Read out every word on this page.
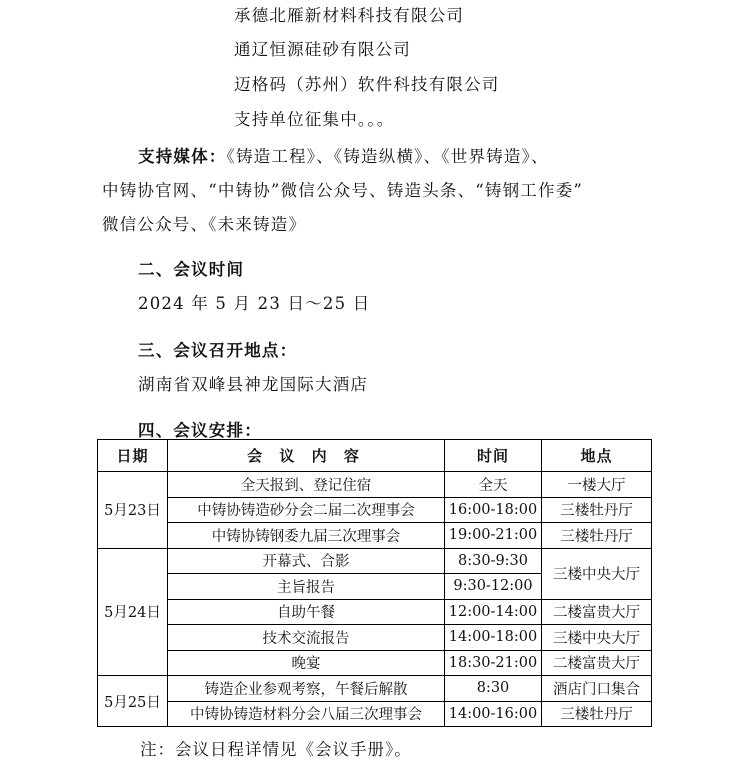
承德北雁新材料科技有限公司
通辽恒源硅砂有限公司
迈格码（苏州）软件科技有限公司
支持单位征集中。。。
支持媒体：《铸造工程》、《铸造纵横》、《世界铸造》、
中铸协官网、“中铸协”微信公众号、铸造头条、“铸钢工作委”
微信公众号、《未来铸造》
二、会议时间
2024 年 5 月 23 日～25 日
三、会议召开地点：
湖南省双峰县神龙国际大酒店
四、会议安排：
日期	会 议 内 容	时间	地点
5月23日	全天报到、登记住宿	全天	一楼大厅
	中铸协铸造砂分会二届二次理事会	16:00-18:00	三楼牡丹厅
	中铸协铸钢委九届三次理事会	19:00-21:00	三楼牡丹厅
5月24日	开幕式、合影	8:30-9:30	三楼中央大厅
	主旨报告	9:30-12:00	
	自助午餐	12:00-14:00	二楼富贵大厅
	技术交流报告	14:00-18:00	三楼中央大厅
	晚宴	18:30-21:00	二楼富贵大厅
5月25日	铸造企业参观考察，午餐后解散	8:30	酒店门口集合
	中铸协铸造材料分会八届三次理事会	14:00-16:00	三楼牡丹厅
注：会议日程详情见《会议手册》。
